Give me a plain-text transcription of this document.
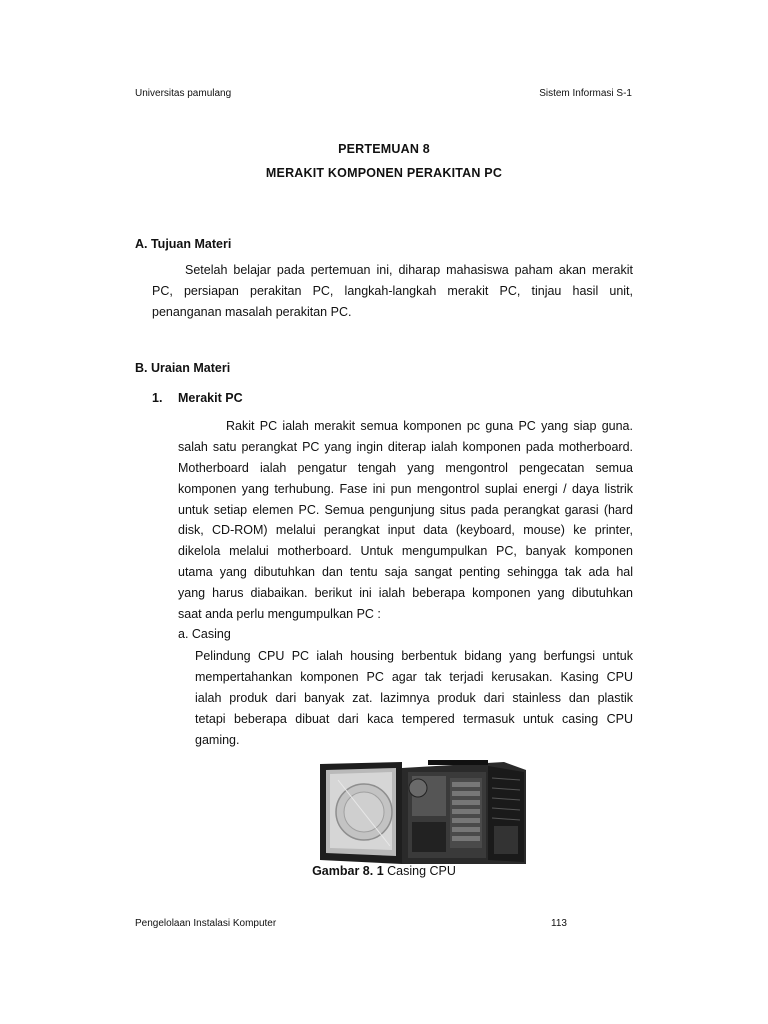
Universitas pamulang	Sistem Informasi S-1
PERTEMUAN 8
MERAKIT KOMPONEN PERAKITAN PC
A. Tujuan Materi
Setelah belajar pada pertemuan ini, diharap mahasiswa paham akan merakit
PC, persiapan perakitan PC, langkah-langkah merakit PC, tinjau hasil unit,
penanganan masalah perakitan PC.
B. Uraian Materi
1. Merakit PC
Rakit PC ialah merakit semua komponen pc guna PC yang siap guna.
salah satu perangkat PC yang ingin diterap ialah komponen pada motherboard.
Motherboard ialah pengatur tengah yang mengontrol pengecatan semua
komponen yang terhubung. Fase ini pun mengontrol suplai energi / daya listrik
untuk setiap elemen PC. Semua pengunjung situs pada perangkat garasi (hard
disk, CD-ROM) melalui perangkat input data (keyboard, mouse) ke printer,
dikelola melalui motherboard. Untuk mengumpulkan PC, banyak komponen
utama yang dibutuhkan dan tentu saja sangat penting sehingga tak ada hal
yang harus diabaikan. berikut ini ialah beberapa komponen yang dibutuhkan
saat anda perlu mengumpulkan PC :
a. Casing
Pelindung CPU PC ialah housing berbentuk bidang yang berfungsi untuk
mempertahankan komponen PC agar tak terjadi kerusakan. Kasing CPU
ialah produk dari banyak zat. lazimnya produk dari stainless dan plastik
tetapi beberapa dibuat dari kaca tempered termasuk untuk casing CPU
gaming.
Gambar 8. 1 Casing CPU
Pengelolaan Instalasi Komputer	113
